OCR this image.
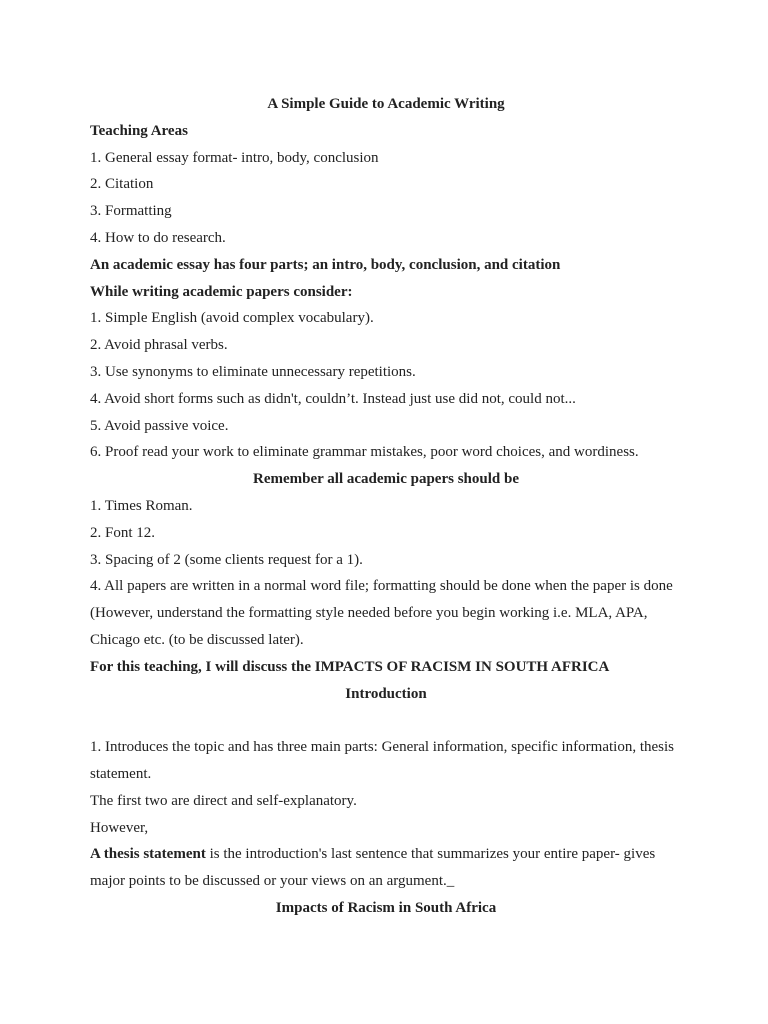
A Simple Guide to Academic Writing

Teaching Areas

1. General essay format- intro, body, conclusion

2. Citation

3. Formatting

4. How to do research.

An academic essay has four parts; an intro, body, conclusion, and citation

While writing academic papers consider:

1. Simple English (avoid complex vocabulary).

2. Avoid phrasal verbs.

3. Use synonyms to eliminate unnecessary repetitions.

4. Avoid short forms such as didn't, couldn’t. Instead just use did not, could not...

5. Avoid passive voice.

6. Proof read your work to eliminate grammar mistakes, poor word choices, and wordiness.

Remember all academic papers should be

1. Times Roman.

2. Font 12.

3. Spacing of 2 (some clients request for a 1).

4. All papers are written in a normal word file; formatting should be done when the paper is done (However, understand the formatting style needed before you begin working i.e. MLA, APA, Chicago etc. (to be discussed later).

For this teaching, I will discuss the IMPACTS OF RACISM IN SOUTH AFRICA

Introduction

1. Introduces the topic and has three main parts: General information, specific information, thesis statement.

The first two are direct and self-explanatory.

However,

A thesis statement is the introduction's last sentence that summarizes your entire paper- gives major points to be discussed or your views on an argument._

Impacts of Racism in South Africa
